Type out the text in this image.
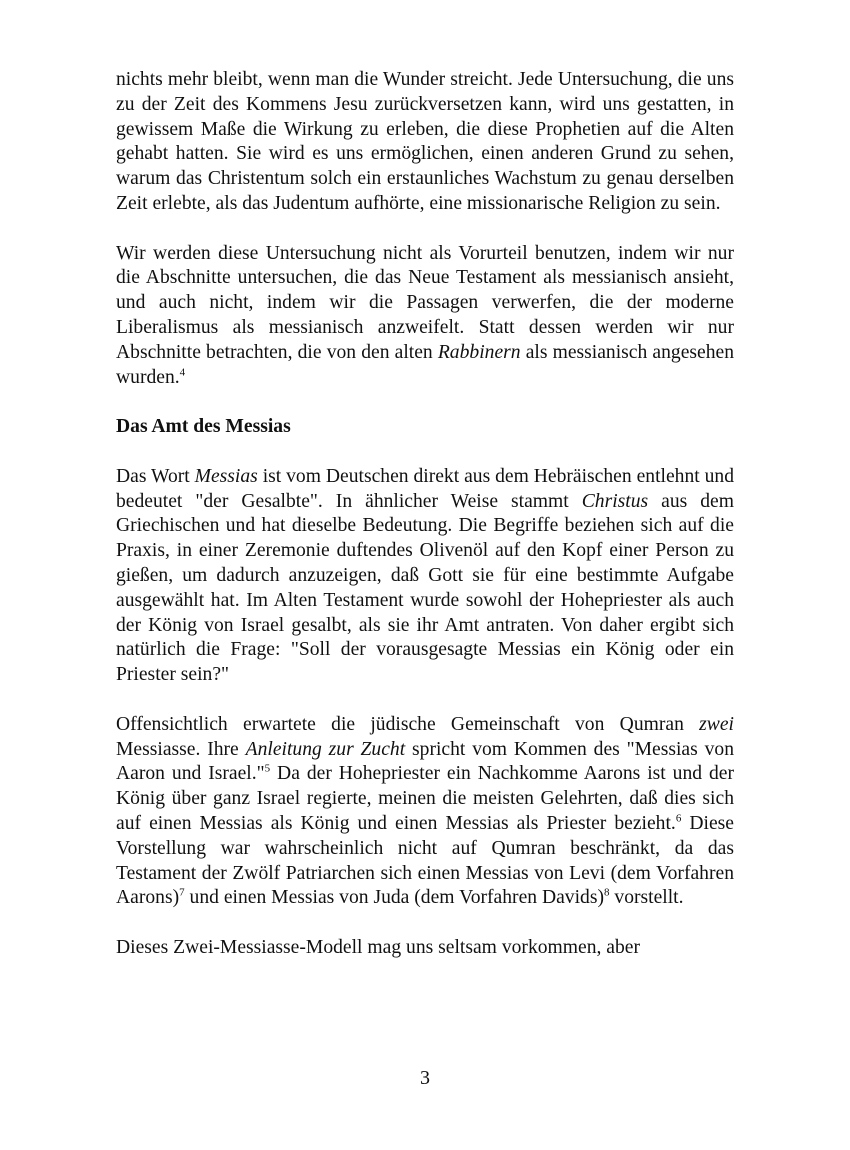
nichts mehr bleibt, wenn man die Wunder streicht. Jede Untersuchung, die uns zu der Zeit des Kommens Jesu zurückversetzen kann, wird uns gestatten, in gewissem Maße die Wirkung zu erleben, die diese Prophetien auf die Alten gehabt hatten. Sie wird es uns ermöglichen, einen anderen Grund zu sehen, warum das Christentum solch ein erstaunliches Wachstum zu genau derselben Zeit erlebte, als das Judentum aufhörte, eine missionarische Religion zu sein.

Wir werden diese Untersuchung nicht als Vorurteil benutzen, indem wir nur die Abschnitte untersuchen, die das Neue Testament als messianisch ansieht, und auch nicht, indem wir die Passagen verwerfen, die der moderne Liberalismus als messianisch anzweifelt. Statt dessen werden wir nur Abschnitte betrachten, die von den alten Rabbinern als messianisch angesehen wurden.$^4$

Das Amt des Messias

Das Wort Messias ist vom Deutschen direkt aus dem Hebräischen entlehnt und bedeutet "der Gesalbte". In ähnlicher Weise stammt Christus aus dem Griechischen und hat dieselbe Bedeutung. Die Begriffe beziehen sich auf die Praxis, in einer Zeremonie duftendes Olivenöl auf den Kopf einer Person zu gießen, um dadurch anzuzeigen, daß Gott sie für eine bestimmte Aufgabe ausgewählt hat. Im Alten Testament wurde sowohl der Hohepriester als auch der König von Israel gesalbt, als sie ihr Amt antraten. Von daher ergibt sich natürlich die Frage: "Soll der vorausgesagte Messias ein König oder ein Priester sein?"

Offensichtlich erwartete die jüdische Gemeinschaft von Qumran zwei Messiasse. Ihre Anleitung zur Zucht spricht vom Kommen des "Messias von Aaron und Israel."$^5$ Da der Hohepriester ein Nachkomme Aarons ist und der König über ganz Israel regierte, meinen die meisten Gelehrten, daß dies sich auf einen Messias als König und einen Messias als Priester bezieht.$^6$ Diese Vorstellung war wahrscheinlich nicht auf Qumran beschränkt, da das Testament der Zwölf Patriarchen sich einen Messias von Levi (dem Vorfahren Aarons)$^7$ und einen Messias von Juda (dem Vorfahren Davids)$^8$ vorstellt.

Dieses Zwei-Messiasse-Modell mag uns seltsam vorkommen, aber

3
